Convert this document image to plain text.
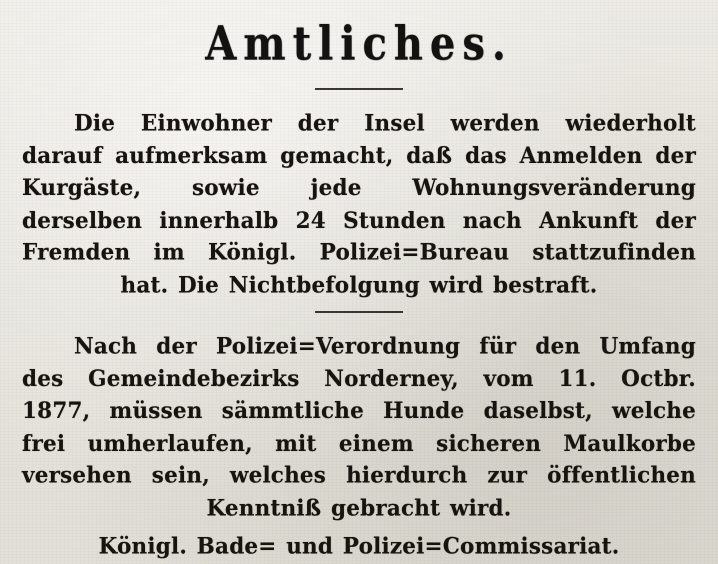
Amtliches.

Die Einwohner der Insel werden wiederholt darauf aufmerksam gemacht, daß das Anmelden der Kurgäste, sowie jede Wohnungsveränderung derselben innerhalb 24 Stunden nach Ankunft der Fremden im Königl. Polizei=Bureau stattzufinden hat. Die Nichtbefolgung wird bestraft.

Nach der Polizei=Verordnung für den Umfang des Gemeindebezirks Norderney, vom 11. Octbr. 1877, müssen sämmtliche Hunde daselbst, welche frei umherlaufen, mit einem sicheren Maulkorbe versehen sein, welches hierdurch zur öffentlichen Kenntniß gebracht wird.

Königl. Bade= und Polizei=Commissariat.
